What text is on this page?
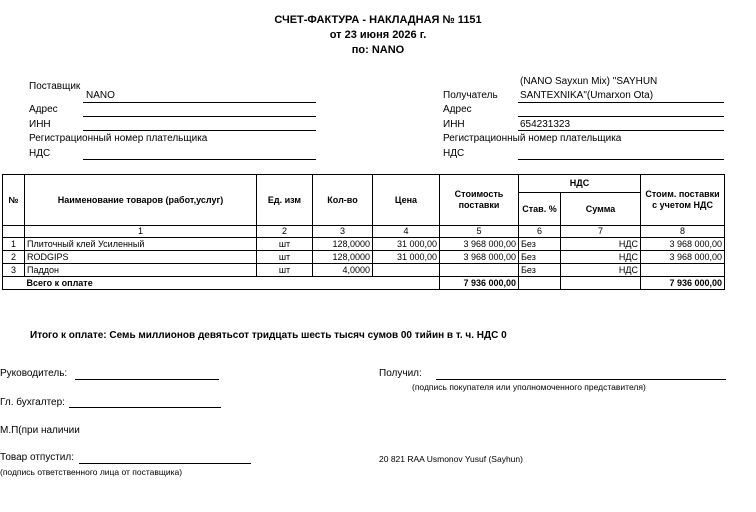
СЧЕТ-ФАКТУРА - НАКЛАДНАЯ № 1151
от 23 июня 2026 г.
по: NANO
Поставщик
NANO
Адрес
ИНН
Регистрационный номер плательщика
НДС
(NANO Sayxun Mix) "SAYHUN
Получатель SANTEXNIKA"(Umarxon Ota)
Адрес
ИНН	654231323
Регистрационный номер плательщика
НДС
№	Наименование товаров (работ,услуг)	Ед. изм	Кол-во	Цена	Стоимость поставки	НДС		Стоим. поставки с учетом НДС
						Став. %	Сумма	
	1	2	3	4	5	6	7	8
1	Плиточный клей Усиленный	шт	128,0000	31 000,00	3 968 000,00	Без	НДС	3 968 000,00
2	RODGIPS	шт	128,0000	31 000,00	3 968 000,00	Без	НДС	3 968 000,00
3	Паддон	шт	4,0000			Без	НДС	
	Всего к оплате				7 936 000,00			7 936 000,00
Итого к оплате: Семь миллионов девятьсот тридцать шесть тысяч сумов 00 тийин в т. ч. НДС 0
Руководитель:
Гл. бухгалтер:
М.П(при наличии
Товар отпустил:
(подпись ответственного лица от поставщика)
Получил:
(подпись покупателя или уполномоченного представителя)
20 821 RAA Usmonov Yusuf (Sayhun)
